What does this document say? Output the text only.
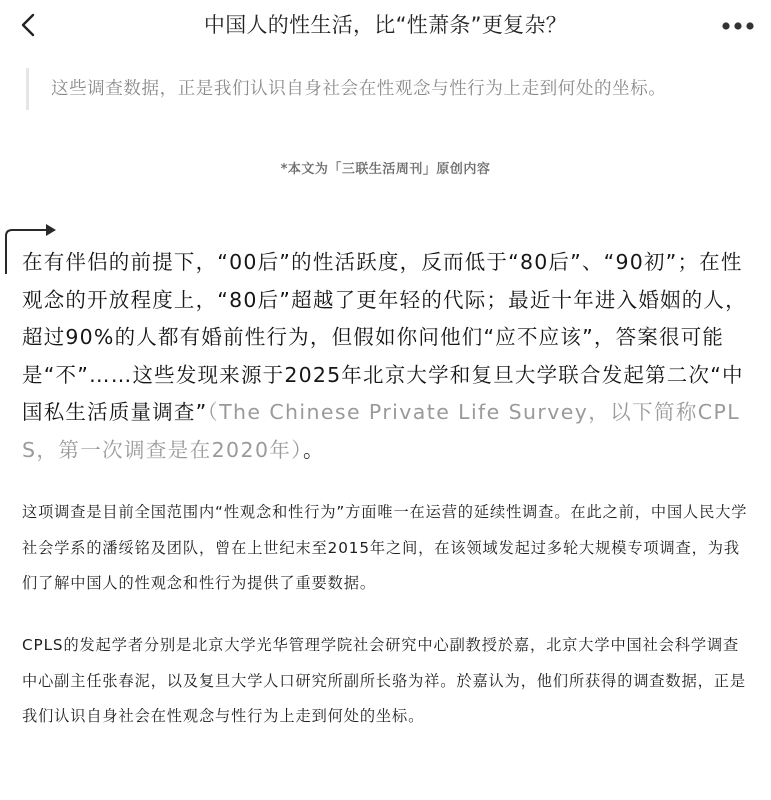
中国人的性生活，比“性萧条”更复杂？
这些调查数据，正是我们认识自身社会在性观念与性行为上走到何处的坐标。
*本文为「三联生活周刊」原创内容

在有伴侣的前提下，“00后”的性活跃度，反而低于“80后”、“90初”；在性观念的开放程度上，“80后”超越了更年轻的代际；最近十年进入婚姻的人，超过90%的人都有婚前性行为，但假如你问他们“应不应该”，答案很可能是“不”……这些发现来源于2025年北京大学和复旦大学联合发起第二次“中国私生活质量调查”（The Chinese Private Life Survey，以下简称CPLS，第一次调查是在2020年）。

这项调查是目前全国范围内“性观念和性行为”方面唯一在运营的延续性调查。在此之前，中国人民大学社会学系的潘绥铭及团队，曾在上世纪末至2015年之间，在该领域发起过多轮大规模专项调查，为我们了解中国人的性观念和性行为提供了重要数据。

CPLS的发起学者分别是北京大学光华管理学院社会研究中心副教授於嘉，北京大学中国社会科学调查中心副主任张春泥，以及复旦大学人口研究所副所长骆为祥。於嘉认为，他们所获得的调查数据，正是我们认识自身社会在性观念与性行为上走到何处的坐标。
